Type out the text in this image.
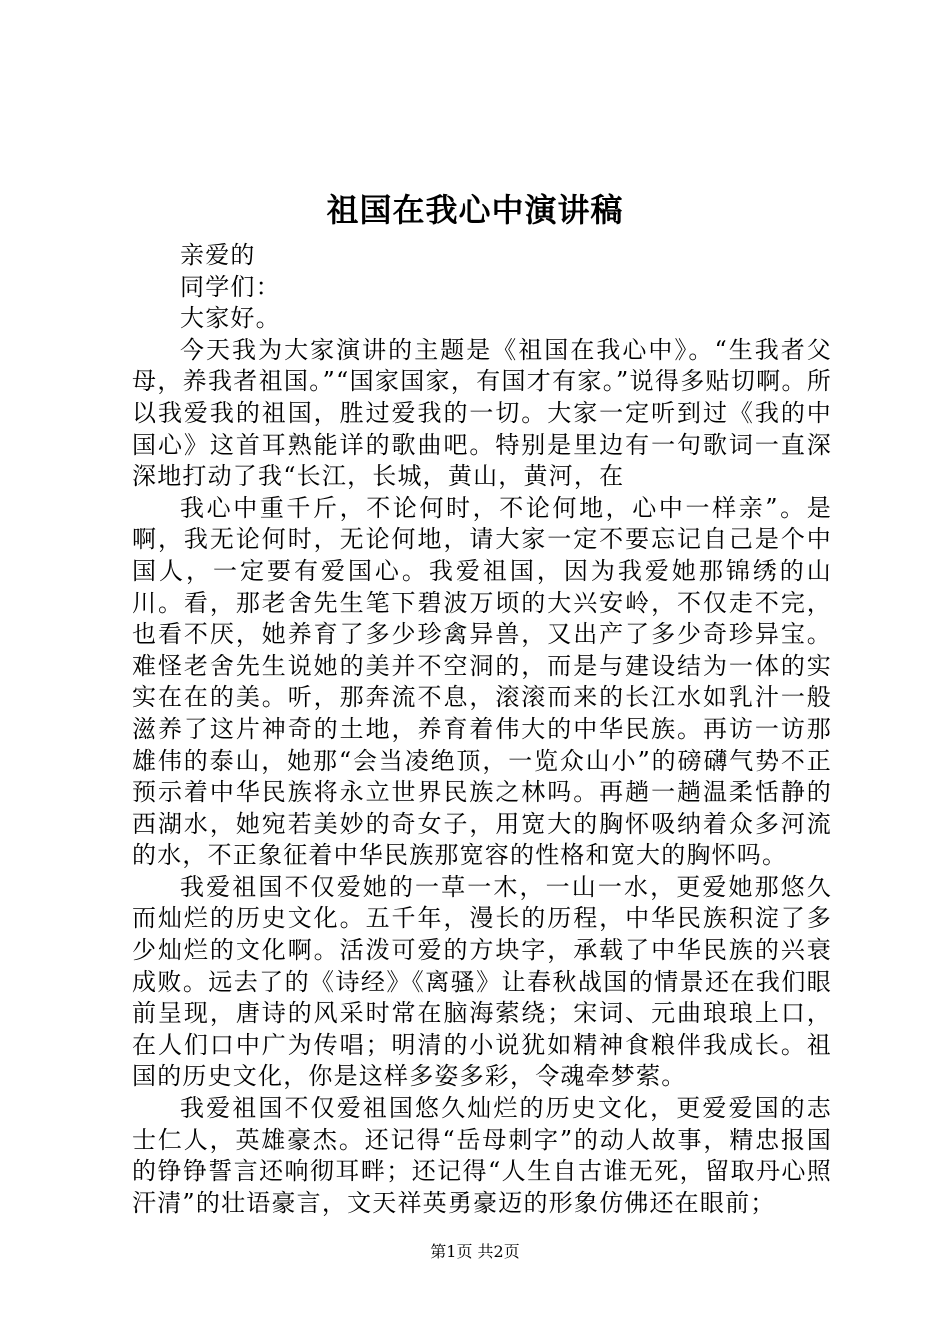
祖国在我心中演讲稿

亲爱的

同学们：

大家好。

今天我为大家演讲的主题是《祖国在我心中》。“生我者父母，养我者祖国。”“国家国家，有国才有家。”说得多贴切啊。所以我爱我的祖国，胜过爱我的一切。大家一定听到过《我的中国心》这首耳熟能详的歌曲吧。特别是里边有一句歌词一直深深地打动了我“长江，长城，黄山，黄河，在

我心中重千斤，不论何时，不论何地，心中一样亲”。是啊，我无论何时，无论何地，请大家一定不要忘记自己是个中国人，一定要有爱国心。我爱祖国，因为我爱她那锦绣的山川。看，那老舍先生笔下碧波万顷的大兴安岭，不仅走不完，也看不厌，她养育了多少珍禽异兽，又出产了多少奇珍异宝。难怪老舍先生说她的美并不空洞的，而是与建设结为一体的实实在在的美。听，那奔流不息，滚滚而来的长江水如乳汁一般滋养了这片神奇的土地，养育着伟大的中华民族。再访一访那雄伟的泰山，她那“会当凌绝顶，一览众山小”的磅礴气势不正预示着中华民族将永立世界民族之林吗。再趟一趟温柔恬静的西湖水，她宛若美妙的奇女子，用宽大的胸怀吸纳着众多河流的水，不正象征着中华民族那宽容的性格和宽大的胸怀吗。

我爱祖国不仅爱她的一草一木，一山一水，更爱她那悠久而灿烂的历史文化。五千年，漫长的历程，中华民族积淀了多少灿烂的文化啊。活泼可爱的方块字，承载了中华民族的兴衰成败。远去了的《诗经》《离骚》让春秋战国的情景还在我们眼前呈现，唐诗的风采时常在脑海萦绕；宋词、元曲琅琅上口，在人们口中广为传唱；明清的小说犹如精神食粮伴我成长。祖国的历史文化，你是这样多姿多彩，令魂牵梦萦。

我爱祖国不仅爱祖国悠久灿烂的历史文化，更爱爱国的志士仁人，英雄豪杰。还记得“岳母刺字”的动人故事，精忠报国的铮铮誓言还响彻耳畔；还记得“人生自古谁无死，留取丹心照汗清”的壮语豪言，文天祥英勇豪迈的形象仿佛还在眼前；

第1页 共2页
